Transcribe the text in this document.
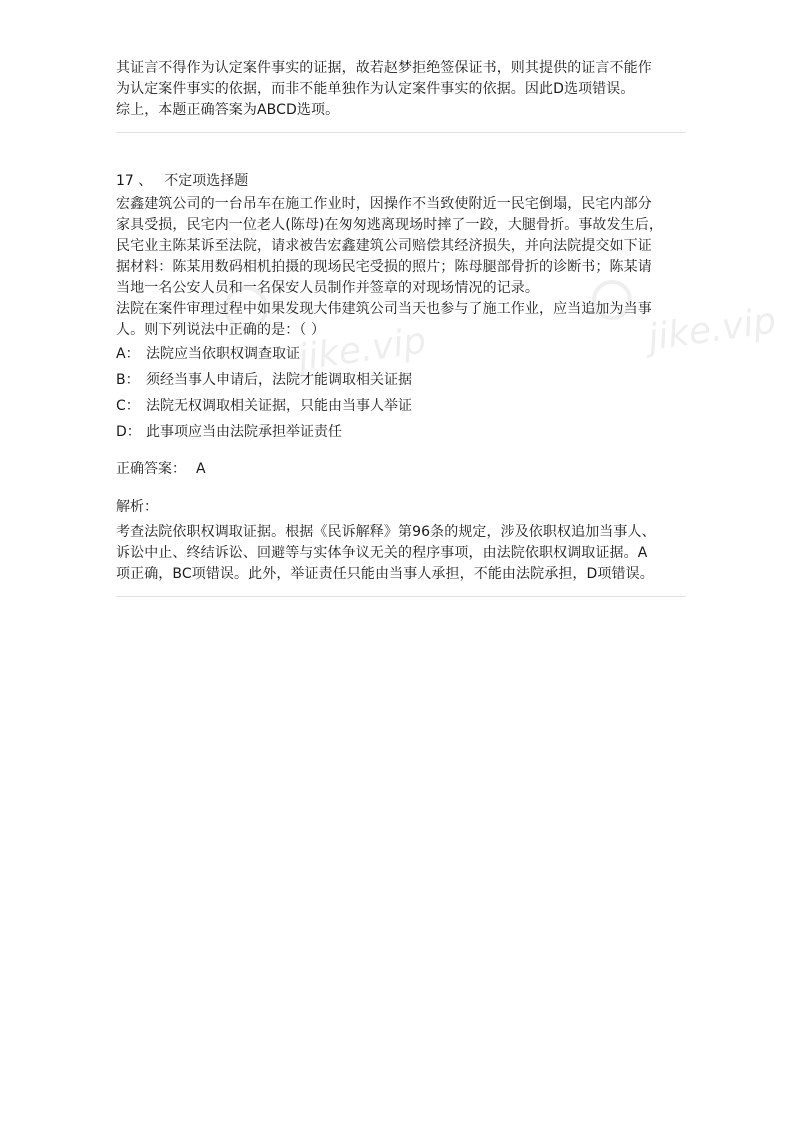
其证言不得作为认定案件事实的证据，故若赵梦拒绝签保证书，则其提供的证言不能作

为认定案件事实的依据，而非不能单独作为认定案件事实的依据。因此D选项错误。

综上，本题正确答案为ABCD选项。

17 、 不定项选择题

宏鑫建筑公司的一台吊车在施工作业时，因操作不当致使附近一民宅倒塌，民宅内部分

家具受损，民宅内一位老人(陈母)在匆匆逃离现场时摔了一跤，大腿骨折。事故发生后，

民宅业主陈某诉至法院，请求被告宏鑫建筑公司赔偿其经济损失，并向法院提交如下证

据材料：陈某用数码相机拍摄的现场民宅受损的照片；陈母腿部骨折的诊断书；陈某请

当地一名公安人员和一名保安人员制作并签章的对现场情况的记录。

法院在案件审理过程中如果发现大伟建筑公司当天也参与了施工作业，应当追加为当事

人。则下列说法中正确的是：（ ）

A： 法院应当依职权调查取证

B： 须经当事人申请后，法院才能调取相关证据

C： 法院无权调取相关证据，只能由当事人举证

D： 此事项应当由法院承担举证责任

正确答案： A
解析：

考查法院依职权调取证据。根据《民诉解释》第96条的规定，涉及依职权追加当事人、

诉讼中止、终结诉讼、回避等与实体争议无关的程序事项，由法院依职权调取证据。A

项正确，BC项错误。此外，举证责任只能由当事人承担，不能由法院承担，D项错误。

jike.vip	jike.vip
